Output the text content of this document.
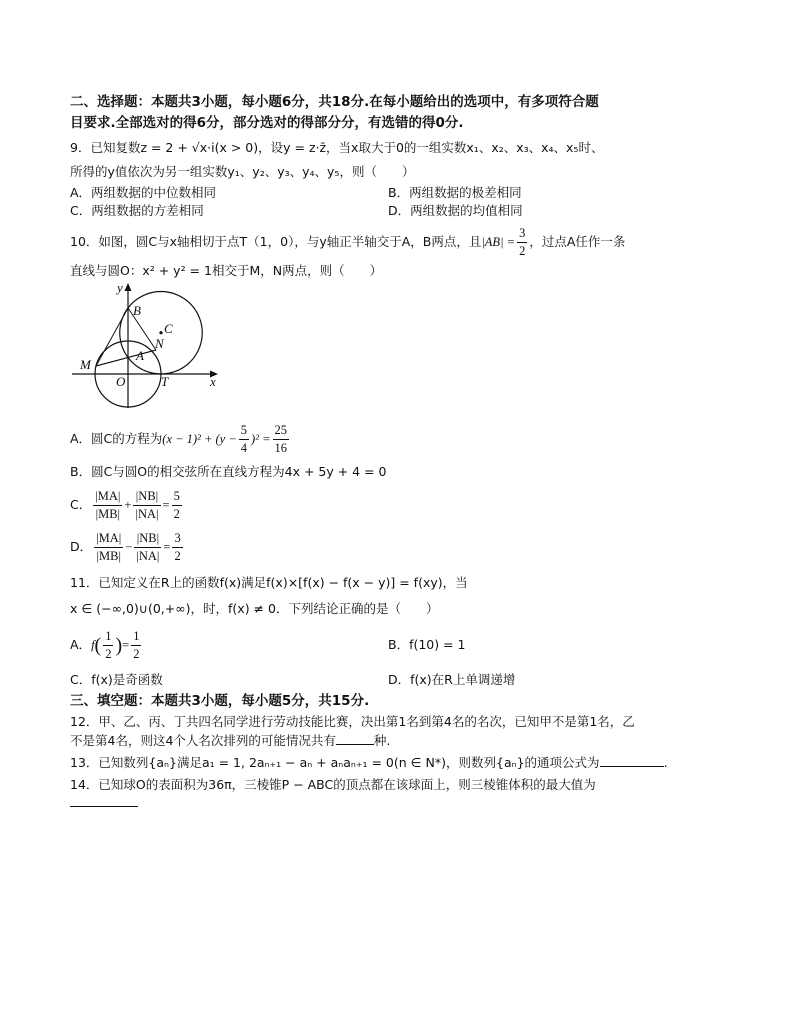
二、选择题：本题共3小题，每小题6分，共18分.在每小题给出的选项中，有多项符合题
目要求.全部选对的得6分，部分选对的得部分分，有选错的得0分.
9．已知复数z = 2 + √x·i(x > 0)，设y = z·z̄，当x取大于0的一组实数x₁、x₂、x₃、x₄、x₅时、
所得的y值依次为另一组实数y₁、y₂、y₃、y₄、y₅，则（　　）
A．两组数据的中位数相同	B．两组数据的极差相同
C．两组数据的方差相同	D．两组数据的均值相同
10．如图，圆C与x轴相切于点T（1，0），与y轴正半轴交于A，B两点，且$|AB| = \frac{3}{2}$ ，过点A任作一条
直线与圆O：x² + y² = 1相交于M，N两点，则（　　）
y
x
B
C
N
A
M
O	T
A．圆C的方程为$(x - 1)^2 + (y - \frac{5}{4} )^2 = \frac{25}{16}$
B．圆C与圆O的相交弦所在直线方程为4x + 5y + 4 = 0
C． $\frac{|MA|}{|MB|} + \frac{|NB|}{|NA|} = \frac{5}{2}$
D． $\frac{|MA|}{|MB|} - \frac{|NB|}{|NA|} = \frac{3}{2}$
11．已知定义在R上的函数f(x)满足f(x)×[f(x) − f(x − y)] = f(xy)，当
x ∈ (−∞,0)∪(0,+∞)，时，f(x) ≠ 0．下列结论正确的是（　　）
A．$f( \frac{1}{2}$ )= $\frac{1}{2}$	B．f(10) = 1
C．f(x)是奇函数	D．f(x)在R上单调递增
三、填空题：本题共3小题，每小题5分，共15分.
12．甲、乙、丙、丁共四名同学进行劳动技能比赛，决出第1名到第4名的名次，已知甲不是第1名，乙
不是第4名，则这4个人名次排列的可能情况共有	种.
13．已知数列{aₙ}满足a₁ = 1, 2aₙ₊₁ − aₙ + aₙaₙ₊₁ = 0(n ∈ N*)，则数列{aₙ}的通项公式为	.
14．已知球O的表面积为36π，三棱锥P − ABC的顶点都在该球面上，则三棱锥体积的最大值为
